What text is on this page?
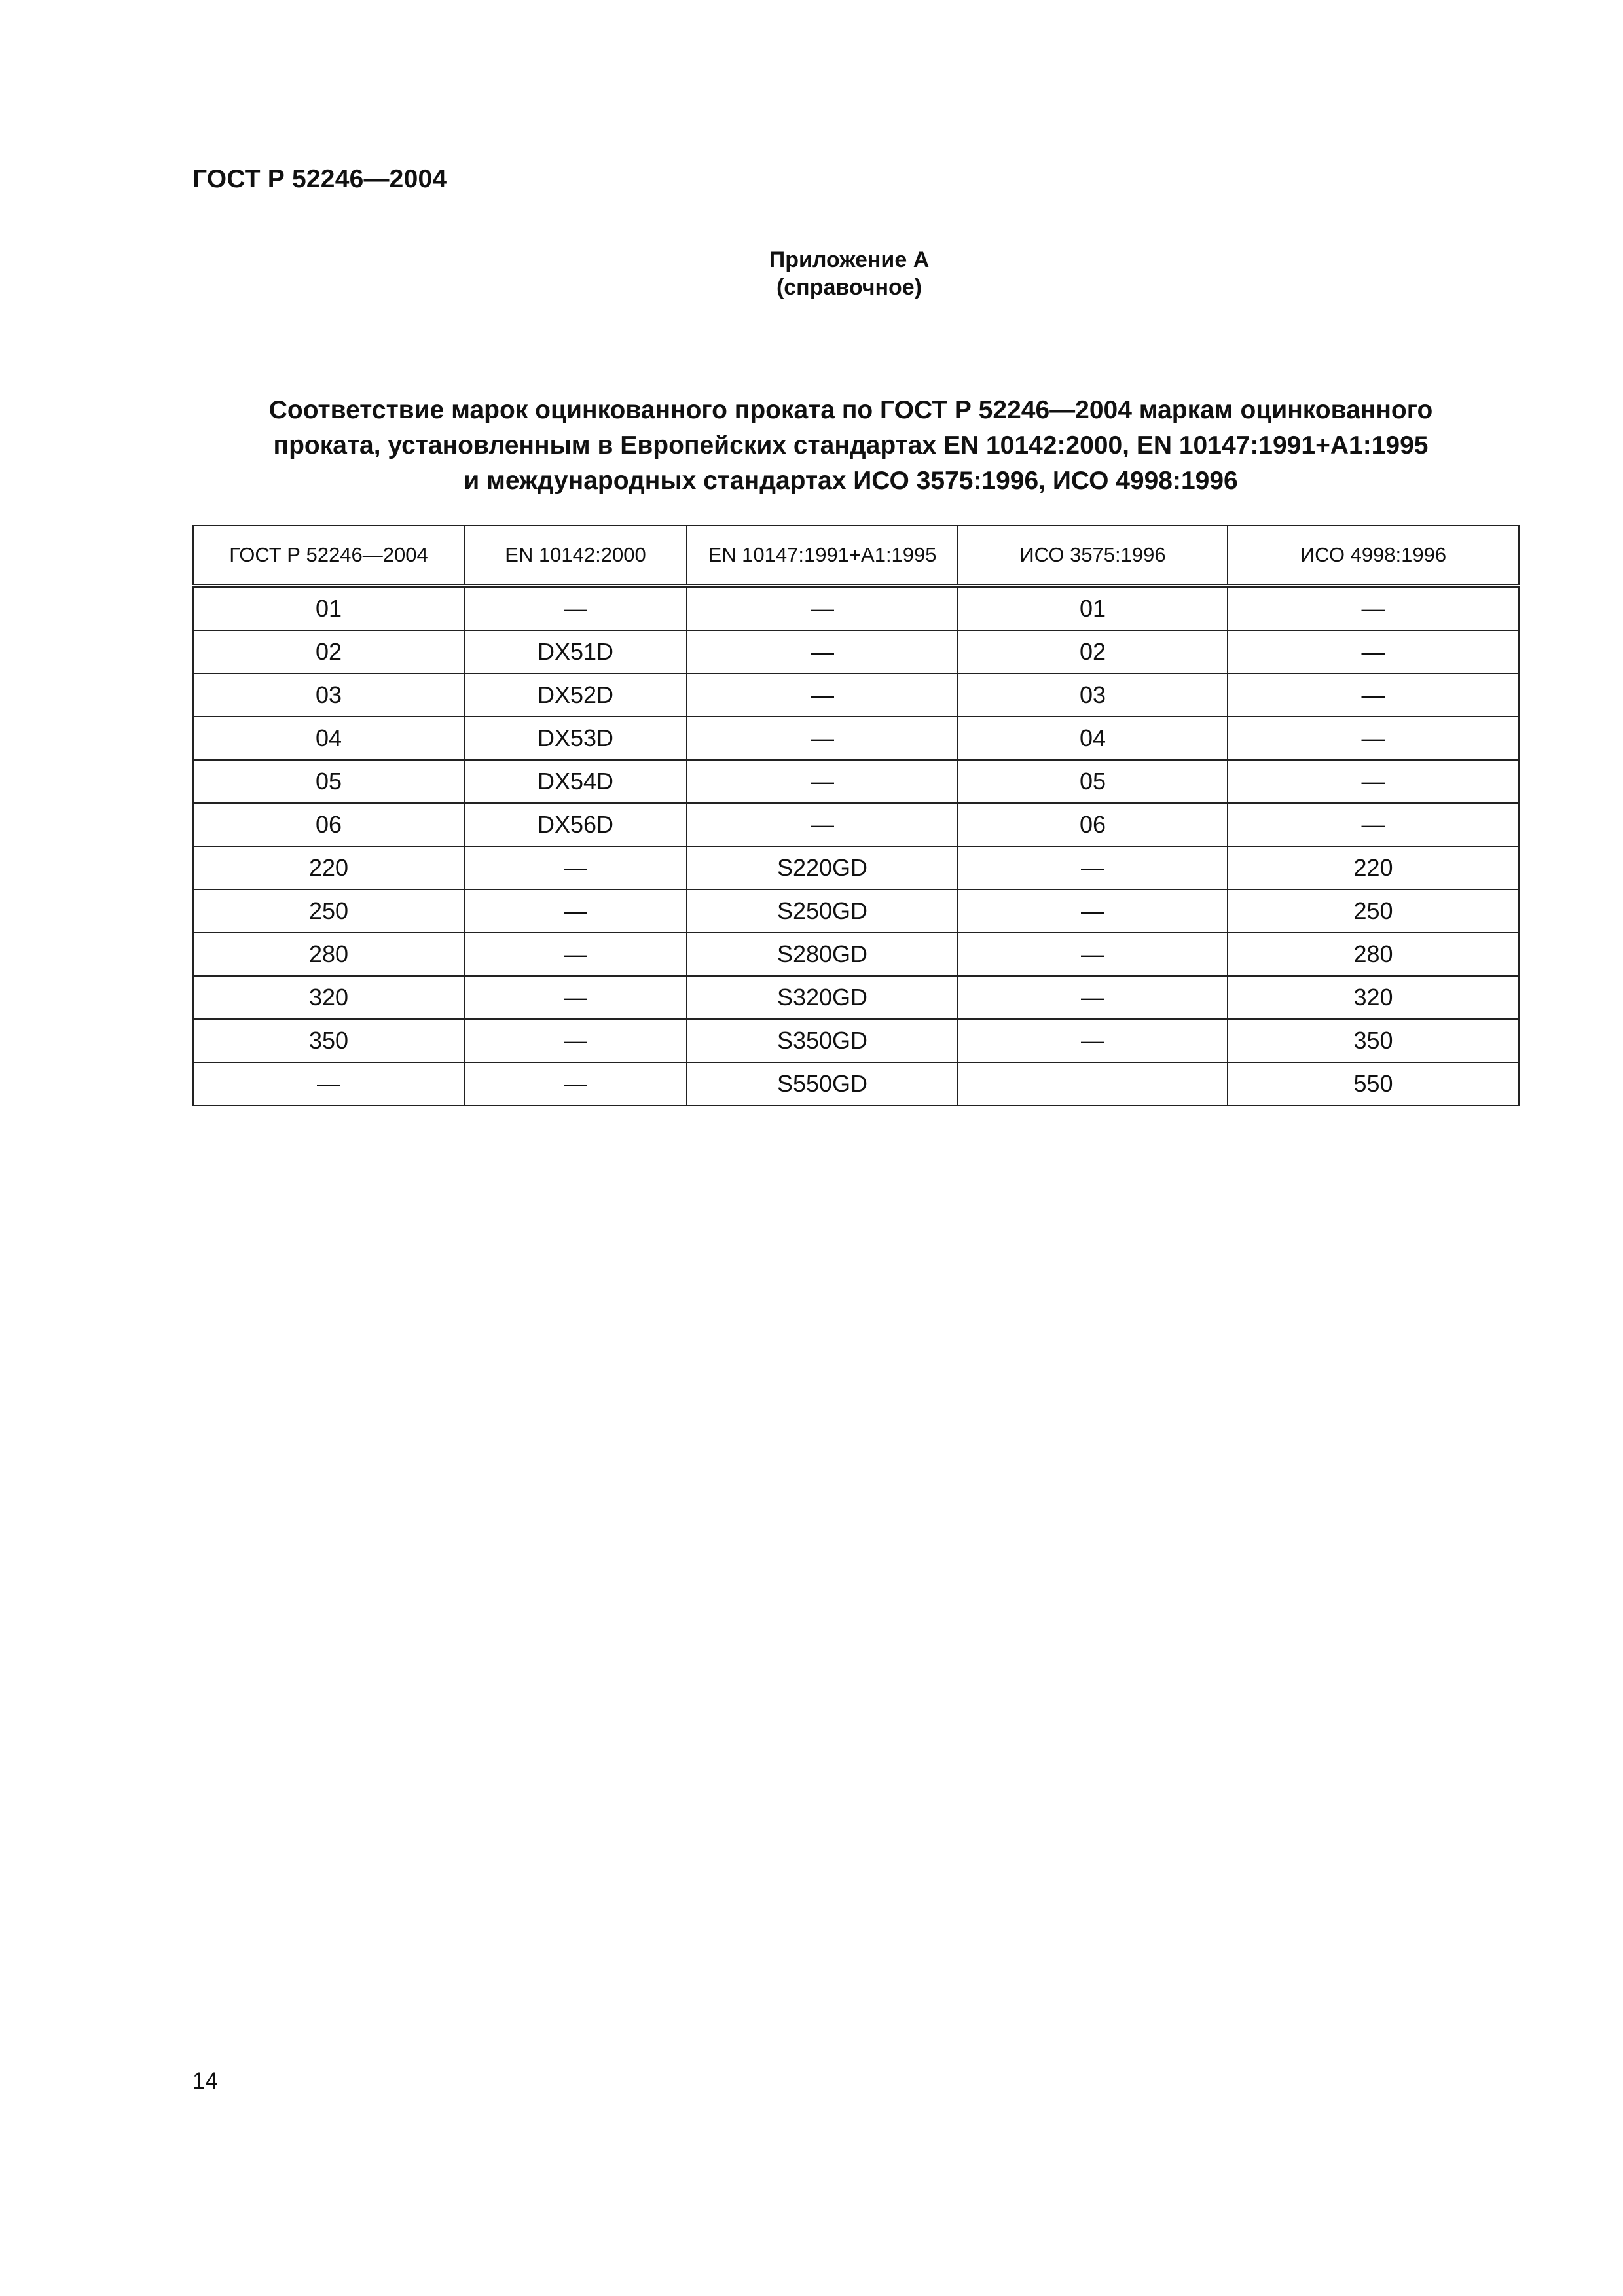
ГОСТ Р 52246—2004
Приложение А
(справочное)
Соответствие марок оцинкованного проката по ГОСТ Р 52246—2004 маркам оцинкованного
проката, установленным в Европейских стандартах EN 10142:2000, EN 10147:1991+A1:1995
и международных стандартах ИСО 3575:1996, ИСО 4998:1996
ГОСТ Р 52246—2004	EN 10142:2000	EN 10147:1991+A1:1995	ИСО 3575:1996	ИСО 4998:1996
01	—	—	01	—
02	DX51D	—	02	—
03	DX52D	—	03	—
04	DX53D	—	04	—
05	DX54D	—	05	—
06	DX56D	—	06	—
220	—	S220GD	—	220
250	—	S250GD	—	250
280	—	S280GD	—	280
320	—	S320GD	—	320
350	—	S350GD	—	350
—	—	S550GD		550
14
